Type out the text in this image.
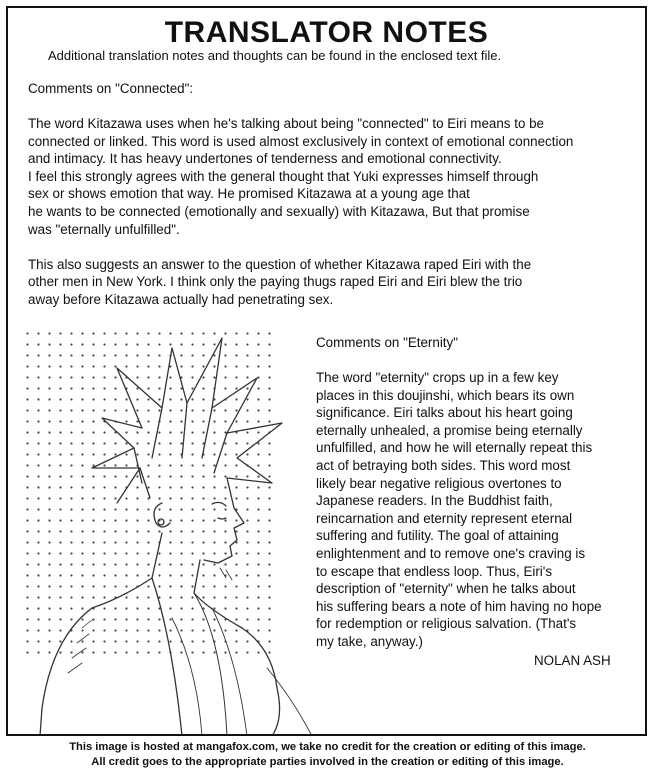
TRANSLATOR NOTES
Additional translation notes and thoughts can be found in the enclosed text file.

Comments on "Connected":

The word Kitazawa uses when he's talking about being "connected" to Eiri means to be
connected or linked. This word is used almost exclusively in context of emotional connection
and intimacy. It has heavy undertones of tenderness and emotional connectivity.
I feel this strongly agrees with the general thought that Yuki expresses himself through
sex or shows emotion that way. He promised Kitazawa at a young age that
he wants to be connected (emotionally and sexually) with Kitazawa, But that promise
was "eternally unfulfilled".

This also suggests an answer to the question of whether Kitazawa raped Eiri with the
other men in New York. I think only the paying thugs raped Eiri and Eiri blew the trio
away before Kitazawa actually had penetrating sex.

Comments on "Eternity"

The word "eternity" crops up in a few key
places in this doujinshi, which bears its own
significance. Eiri talks about his heart going
eternally unhealed, a promise being eternally
unfulfilled, and how he will eternally repeat this
act of betraying both sides. This word most
likely bear negative religious overtones to
Japanese readers. In the Buddhist faith,
reincarnation and eternity represent eternal
suffering and futility. The goal of attaining
enlightenment and to remove one's craving is
to escape that endless loop. Thus, Eiri's
description of "eternity" when he talks about
his suffering bears a note of him having no hope
for redemption or religious salvation. (That's
my take, anyway.)

NOLAN ASH
This image is hosted at mangafox.com, we take no credit for the creation or editing of this image.
All credit goes to the appropriate parties involved in the creation or editing of this image.
